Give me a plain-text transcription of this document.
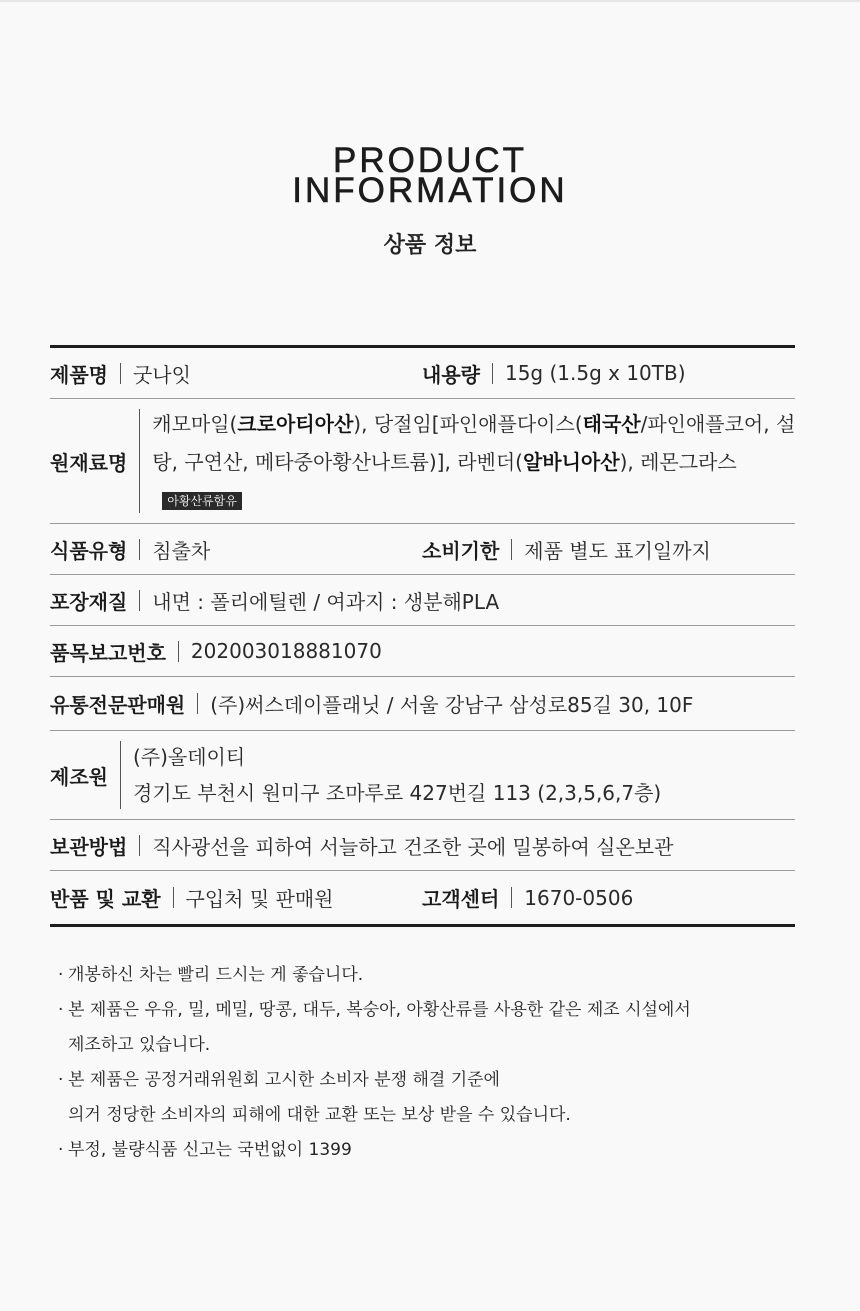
PRODUCT
INFORMATION
상품 정보
제품명 굿나잇	내용량 15g (1.5g x 10TB)
원재료명
캐모마일(크로아티아산), 당절임[파인애플다이스(태국산/파인애플코어, 설탕, 구연산, 메타중아황산나트륨)], 라벤더(알바니아산), 레몬그라스아황산류함유
식품유형 침출차	소비기한 제품 별도 표기일까지
포장재질 내면 : 폴리에틸렌 / 여과지 : 생분해PLA
품목보고번호 202003018881070
유통전문판매원 (주)써스데이플래닛 / 서울 강남구 삼성로85길 30, 10F
제조원
(주)올데이티
경기도 부천시 원미구 조마루로 427번길 113 (2,3,5,6,7층)
보관방법 직사광선을 피하여 서늘하고 건조한 곳에 밀봉하여 실온보관
반품 및 교환 구입처 및 판매원	고객센터 1670-0506
· 개봉하신 차는 빨리 드시는 게 좋습니다.
· 본 제품은 우유, 밀, 메밀, 땅콩, 대두, 복숭아, 아황산류를 사용한 같은 제조 시설에서
제조하고 있습니다.
· 본 제품은 공정거래위원회 고시한 소비자 분쟁 해결 기준에
의거 정당한 소비자의 피해에 대한 교환 또는 보상 받을 수 있습니다.
· 부정, 불량식품 신고는 국번없이 1399
